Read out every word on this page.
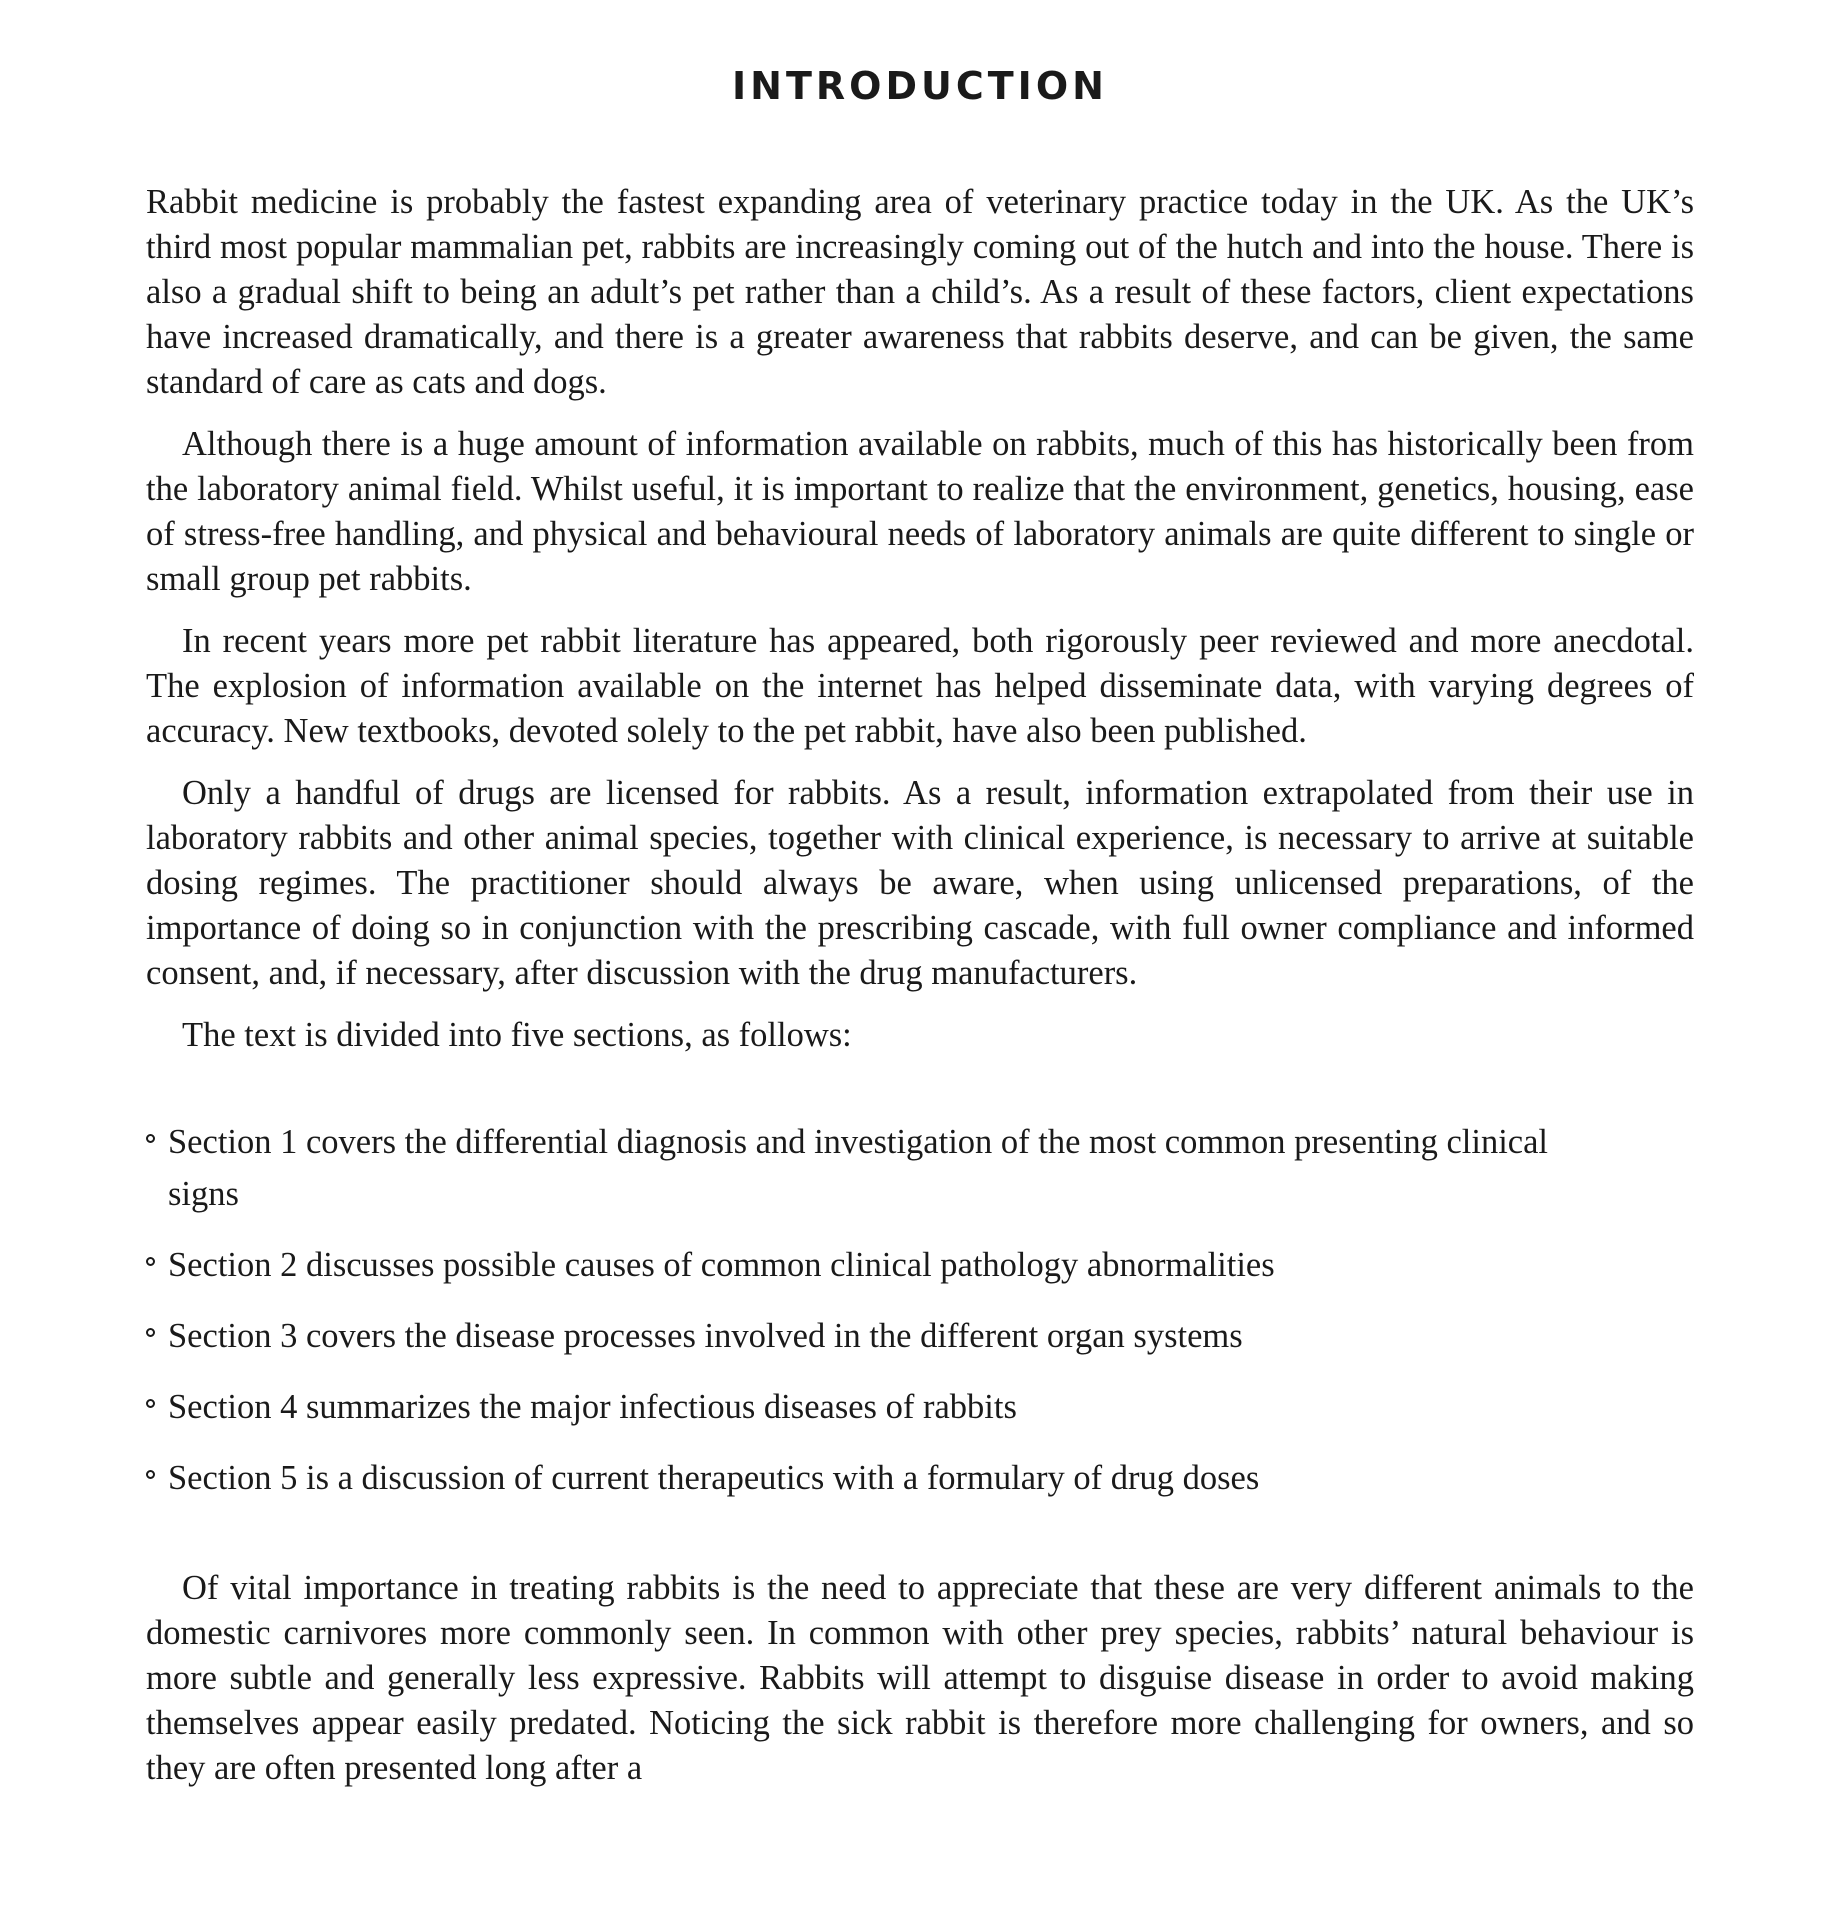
INTRODUCTION

Rabbit medicine is probably the fastest expanding area of veterinary practice today in the UK. As the UK’s third most popular mammalian pet, rabbits are increasingly coming out of the hutch and into the house. There is also a gradual shift to being an adult’s pet rather than a child’s. As a result of these factors, client expectations have increased dramatically, and there is a greater awareness that rabbits deserve, and can be given, the same standard of care as cats and dogs.

Although there is a huge amount of information available on rabbits, much of this has historically been from the laboratory animal field. Whilst useful, it is important to realize that the environment, genetics, housing, ease of stress-free handling, and physical and behavioural needs of laboratory animals are quite different to single or small group pet rabbits.

In recent years more pet rabbit literature has appeared, both rigorously peer reviewed and more anecdotal. The explosion of information available on the internet has helped disseminate data, with varying degrees of accuracy. New textbooks, devoted solely to the pet rabbit, have also been published.

Only a handful of drugs are licensed for rabbits. As a result, information extrapolated from their use in laboratory rabbits and other animal species, together with clinical experience, is necessary to arrive at suitable dosing regimes. The practitioner should always be aware, when using unlicensed preparations, of the importance of doing so in conjunction with the prescribing cascade, with full owner compliance and informed consent, and, if necessary, after discussion with the drug manufacturers.

The text is divided into five sections, as follows:

Section 1 covers the differential diagnosis and investigation of the most common presenting clinical signs
Section 2 discusses possible causes of common clinical pathology abnormalities
Section 3 covers the disease processes involved in the different organ systems
Section 4 summarizes the major infectious diseases of rabbits
Section 5 is a discussion of current therapeutics with a formulary of drug doses

Of vital importance in treating rabbits is the need to appreciate that these are very different animals to the domestic carnivores more commonly seen. In common with other prey species, rabbits’ natural behaviour is more subtle and generally less expressive. Rabbits will attempt to disguise disease in order to avoid making themselves appear easily predated. Noticing the sick rabbit is therefore more challenging for owners, and so they are often presented long after a
